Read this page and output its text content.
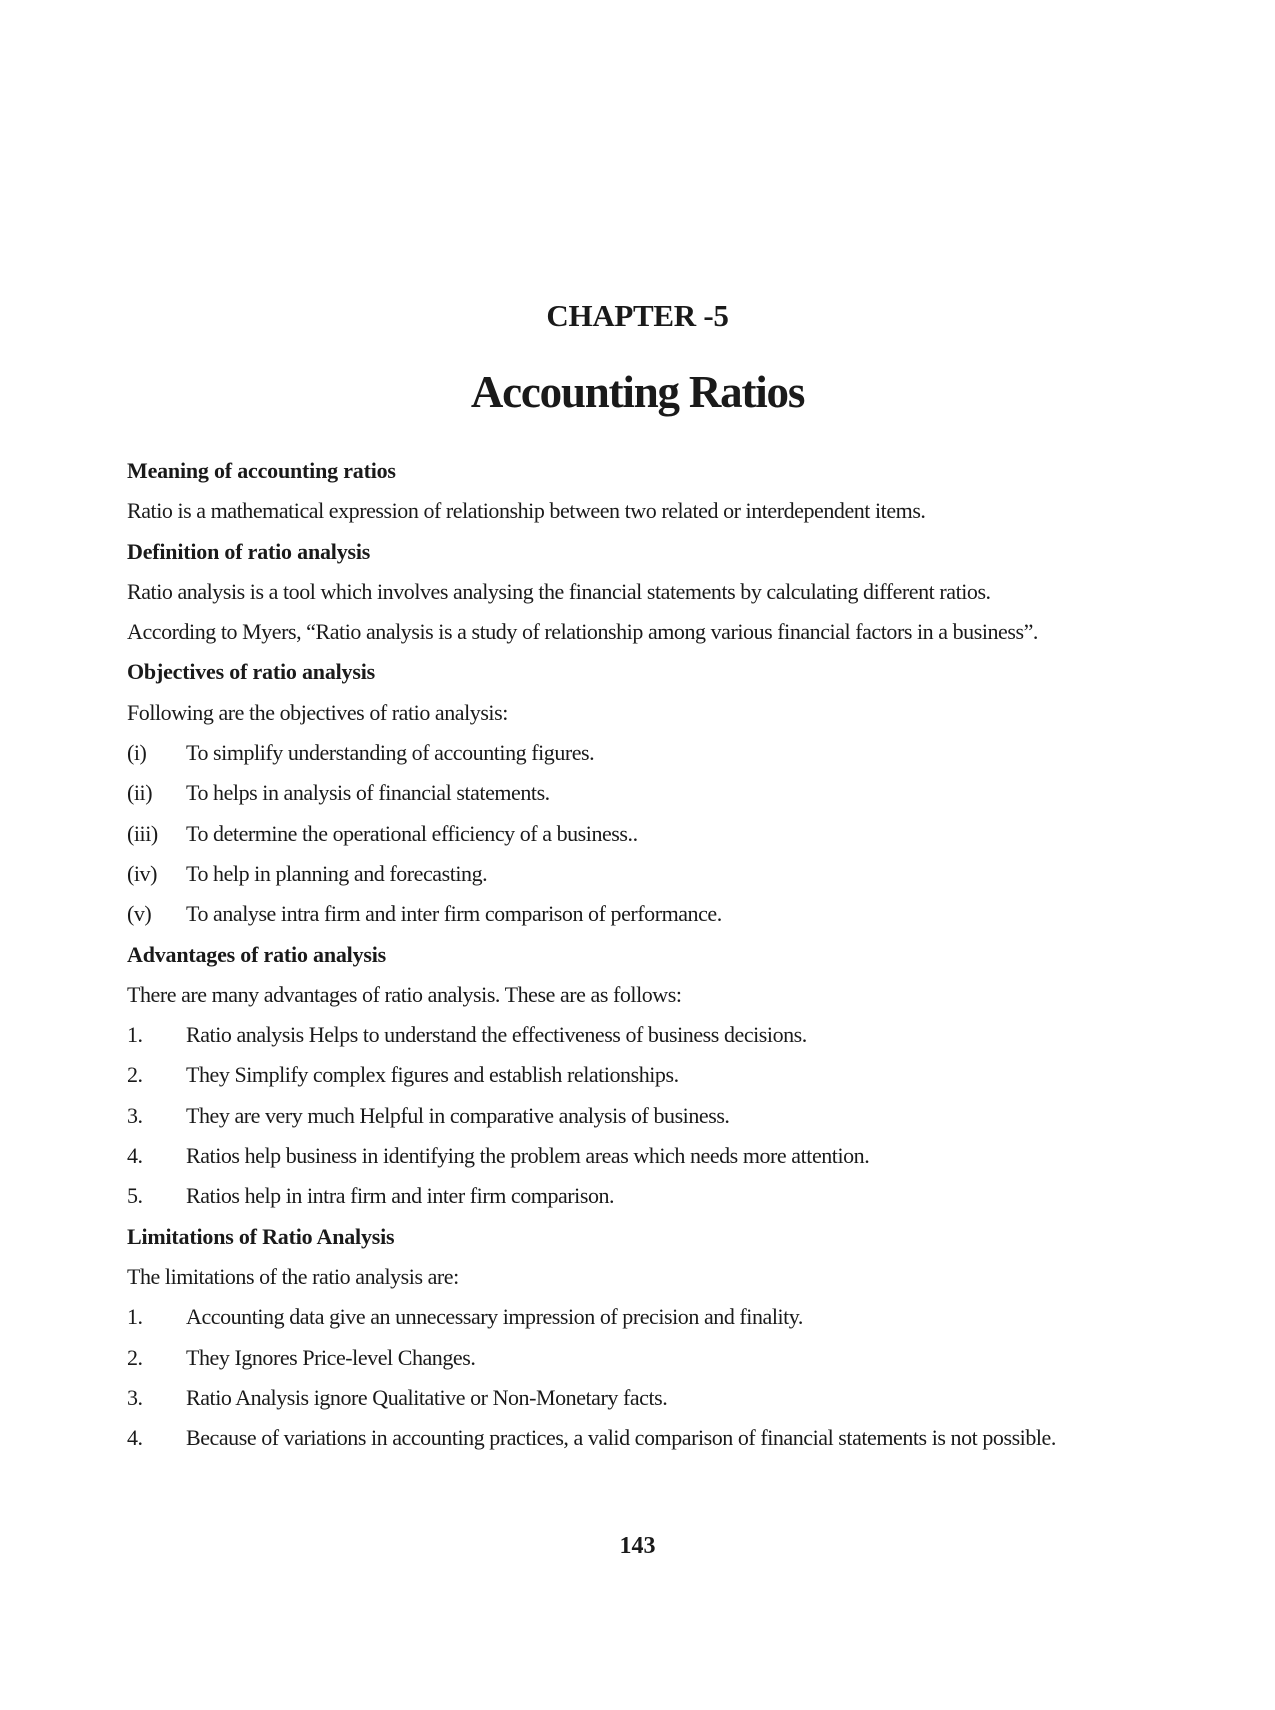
CHAPTER -5
Accounting Ratios
Meaning of accounting ratios
Ratio is a mathematical expression of relationship between two related or interdependent items.
Definition of ratio analysis
Ratio analysis is a tool which involves analysing the financial statements by calculating different ratios.
According to Myers, “Ratio analysis is a study of relationship among various financial factors in a business”.
Objectives of ratio analysis
Following are the objectives of ratio analysis:
(i)	To simplify understanding of accounting figures.
(ii)	To helps in analysis of financial statements.
(iii)	To determine the operational efficiency of a business..
(iv)	To help in planning and forecasting.
(v)	To analyse intra firm and inter firm comparison of performance.
Advantages of ratio analysis
There are many advantages of ratio analysis. These are as follows:
1.	Ratio analysis Helps to understand the effectiveness of business decisions.
2.	They Simplify complex figures and establish relationships.
3.	They are very much Helpful in comparative analysis of business.
4.	Ratios help business in identifying the problem areas which needs more attention.
5.	Ratios help in intra firm and inter firm comparison.
Limitations of Ratio Analysis
The limitations of the ratio analysis are:
1.	Accounting data give an unnecessary impression of precision and finality.
2.	They Ignores Price-level Changes.
3.	Ratio Analysis ignore Qualitative or Non-Monetary facts.
4.	Because of variations in accounting practices, a valid comparison of financial statements is not possible.
143
